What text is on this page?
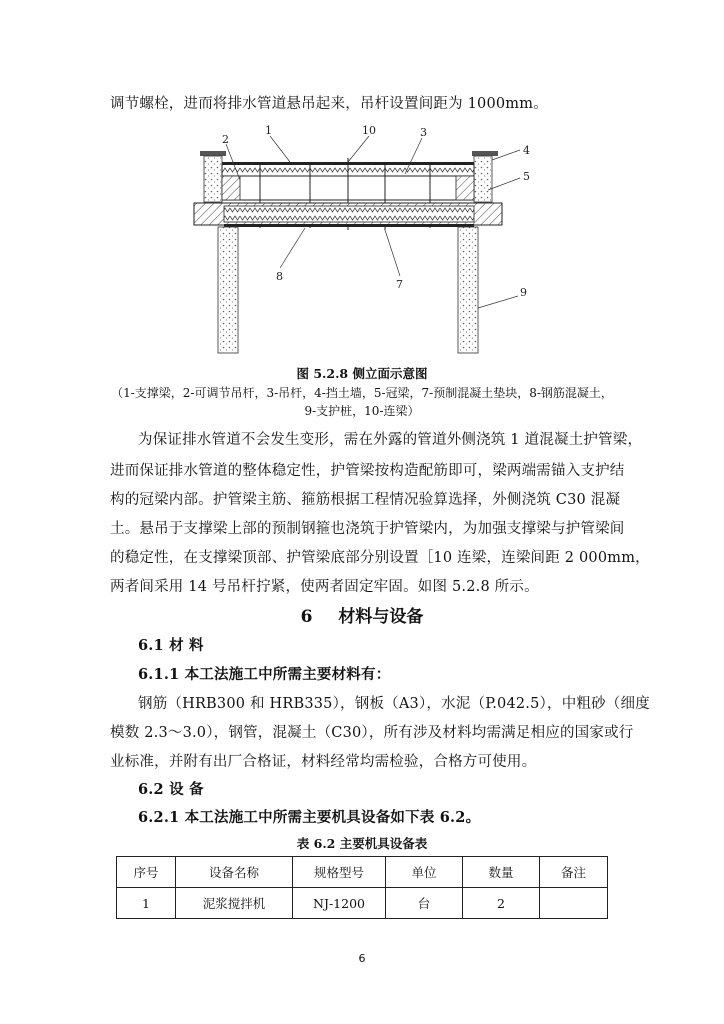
调节螺栓，进而将排水管道悬吊起来，吊杆设置间距为 1000mm。
1	10	3
2
4
5
8
7
9
图 5.2.8 侧立面示意图
（1-支撑梁，2-可调节吊杆，3-吊杆，4-挡土墙，5-冠梁，7-预制混凝土垫块，8-钢筋混凝土，
9-支护桩，10-连梁）
为保证排水管道不会发生变形，需在外露的管道外侧浇筑 1 道混凝土护管梁，
进而保证排水管道的整体稳定性，护管梁按构造配筋即可，梁两端需锚入支护结
构的冠梁内部。护管梁主筋、箍筋根据工程情况验算选择，外侧浇筑 C30 混凝
土。悬吊于支撑梁上部的预制钢箍也浇筑于护管梁内，为加强支撑梁与护管梁间
的稳定性，在支撑梁顶部、护管梁底部分别设置［10 连梁，连梁间距 2 000mm，
两者间采用 14 号吊杆拧紧，使两者固定牢固。如图 5.2.8 所示。
6 材料与设备
6.1 材 料
6.1.1 本工法施工中所需主要材料有：
钢筋（HRB300 和 HRB335），钢板（A3），水泥（P.042.5），中粗砂（细度
模数 2.3～3.0），钢管，混凝土（C30），所有涉及材料均需满足相应的国家或行
业标准，并附有出厂合格证，材料经常均需检验，合格方可使用。
6.2 设 备
6.2.1 本工法施工中所需主要机具设备如下表 6.2。
表 6.2 主要机具设备表
序号	设备名称	规格型号	单位	数量	备注
1	泥浆搅拌机	NJ-1200	台	2	
6
